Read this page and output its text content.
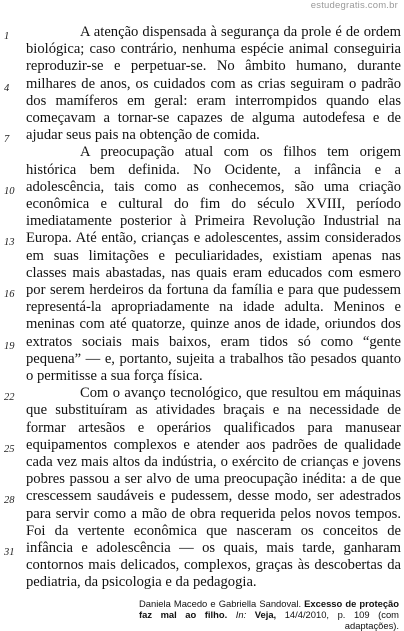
estudegratis.com.br
A atenção dispensada à segurança da prole é de ordem
biológica; caso contrário, nenhuma espécie animal conseguiria
reproduzir-se e perpetuar-se. No âmbito humano, durante
milhares de anos, os cuidados com as crias seguiram o padrão
dos mamíferos em geral: eram interrompidos quando elas
começavam a tornar-se capazes de alguma autodefesa e de
ajudar seus pais na obtenção de comida.
A preocupação atual com os filhos tem origem
histórica bem definida. No Ocidente, a infância e a
adolescência, tais como as conhecemos, são uma criação
econômica e cultural do fim do século XVIII, período
imediatamente posterior à Primeira Revolução Industrial na
Europa. Até então, crianças e adolescentes, assim considerados
em suas limitações e peculiaridades, existiam apenas nas
classes mais abastadas, nas quais eram educados com esmero
por serem herdeiros da fortuna da família e para que pudessem
representá-la apropriadamente na idade adulta. Meninos e
meninas com até quatorze, quinze anos de idade, oriundos dos
extratos sociais mais baixos, eram tidos só como “gente
pequena” — e, portanto, sujeita a trabalhos tão pesados quanto
o permitisse a sua força física.
Com o avanço tecnológico, que resultou em máquinas
que substituíram as atividades braçais e na necessidade de
formar artesãos e operários qualificados para manusear
equipamentos complexos e atender aos padrões de qualidade
cada vez mais altos da indústria, o exército de crianças e jovens
pobres passou a ser alvo de uma preocupação inédita: a de que
crescessem saudáveis e pudessem, desse modo, ser adestrados
para servir como a mão de obra requerida pelos novos tempos.
Foi da vertente econômica que nasceram os conceitos de
infância e adolescência — os quais, mais tarde, ganharam
contornos mais delicados, complexos, graças às descobertas da
pediatria, da psicologia e da pedagogia.
1
4
7
10
13
16
19
22
25
28
31
Daniela Macedo e Gabriella Sandoval. Excesso de proteção faz mal ao filho. In: Veja, 14/4/2010, p. 109 (com adaptações).
